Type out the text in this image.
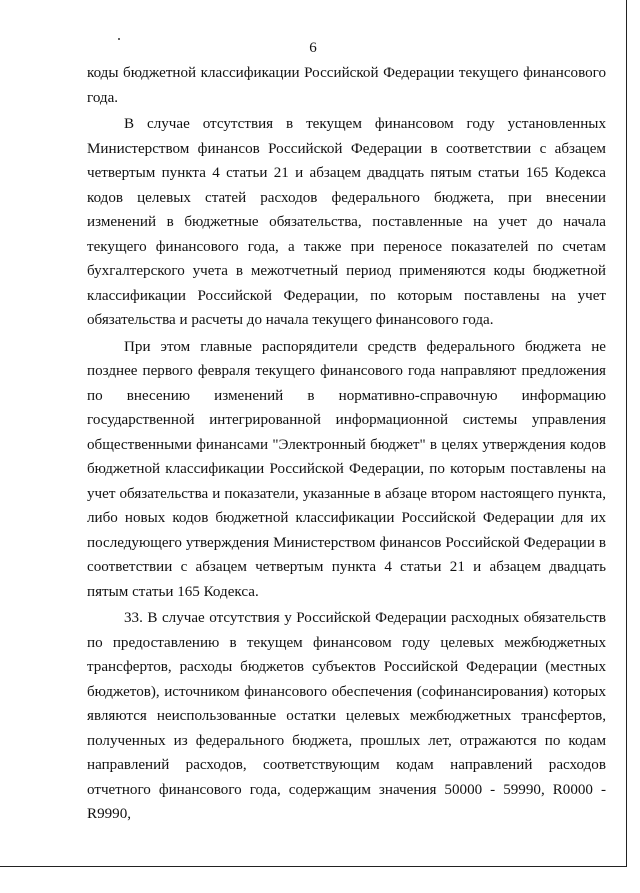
6

коды бюджетной классификации Российской Федерации текущего финансового года.

В случае отсутствия в текущем финансовом году установленных Министерством финансов Российской Федерации в соответствии с абзацем четвертым пункта 4 статьи 21 и абзацем двадцать пятым статьи 165 Кодекса кодов целевых статей расходов федерального бюджета, при внесении изменений в бюджетные обязательства, поставленные на учет до начала текущего финансового года, а также при переносе показателей по счетам бухгалтерского учета в межотчетный период применяются коды бюджетной классификации Российской Федерации, по которым поставлены на учет обязательства и расчеты до начала текущего финансового года.

При этом главные распорядители средств федерального бюджета не позднее первого февраля текущего финансового года направляют предложения по внесению изменений в нормативно-справочную информацию государственной интегрированной информационной системы управления общественными финансами "Электронный бюджет" в целях утверждения кодов бюджетной классификации Российской Федерации, по которым поставлены на учет обязательства и показатели, указанные в абзаце втором настоящего пункта, либо новых кодов бюджетной классификации Российской Федерации для их последующего утверждения Министерством финансов Российской Федерации в соответствии с абзацем четвертым пункта 4 статьи 21 и абзацем двадцать пятым статьи 165 Кодекса.

33. В случае отсутствия у Российской Федерации расходных обязательств по предоставлению в текущем финансовом году целевых межбюджетных трансфертов, расходы бюджетов субъектов Российской Федерации (местных бюджетов), источником финансового обеспечения (софинансирования) которых являются неиспользованные остатки целевых межбюджетных трансфертов, полученных из федерального бюджета, прошлых лет, отражаются по кодам направлений расходов, соответствующим кодам направлений расходов отчетного финансового года, содержащим значения 50000 - 59990, R0000 - R9990,
